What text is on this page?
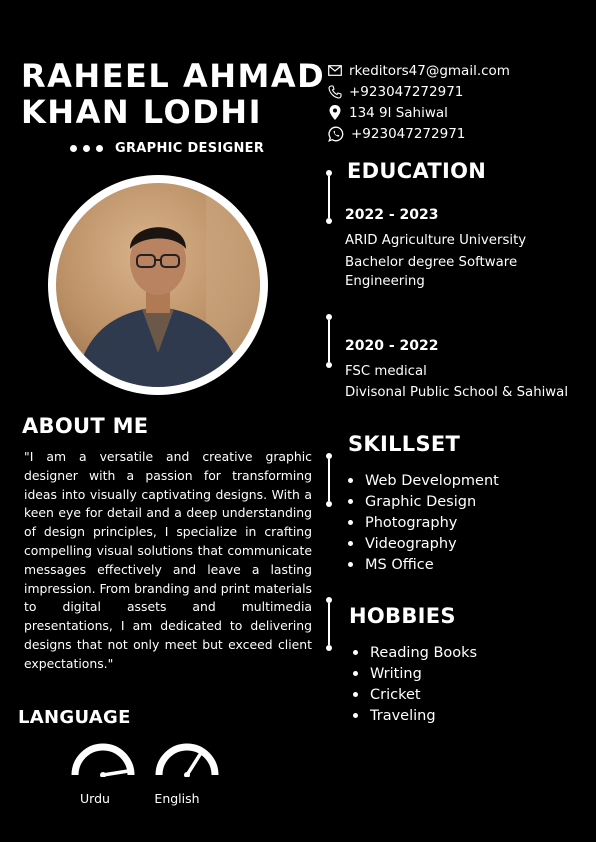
RAHEEL AHMAD
KHAN LODHI
GRAPHIC DESIGNER
ABOUT ME

"I am a versatile and creative graphic designer with a passion for transforming ideas into visually captivating designs. With a keen eye for detail and a deep understanding of design principles, I specialize in crafting compelling visual solutions that communicate messages effectively and leave a lasting impression. From branding and print materials to digital assets and multimedia presentations, I am dedicated to delivering designs that not only meet but exceed client expectations."

LANGUAGE
Urdu	English
rkeditors47@gmail.com
+923047272971
134 9l Sahiwal
+923047272971
EDUCATION
2022 - 2023
ARID Agriculture University
Bachelor degree Software
Engineering
2020 - 2022
FSC medical
Divisonal Public School & Sahiwal
SKILLSET
Web Development
Graphic Design
Photography
Videography
MS Office
HOBBIES
Reading Books
Writing
Cricket
Traveling
